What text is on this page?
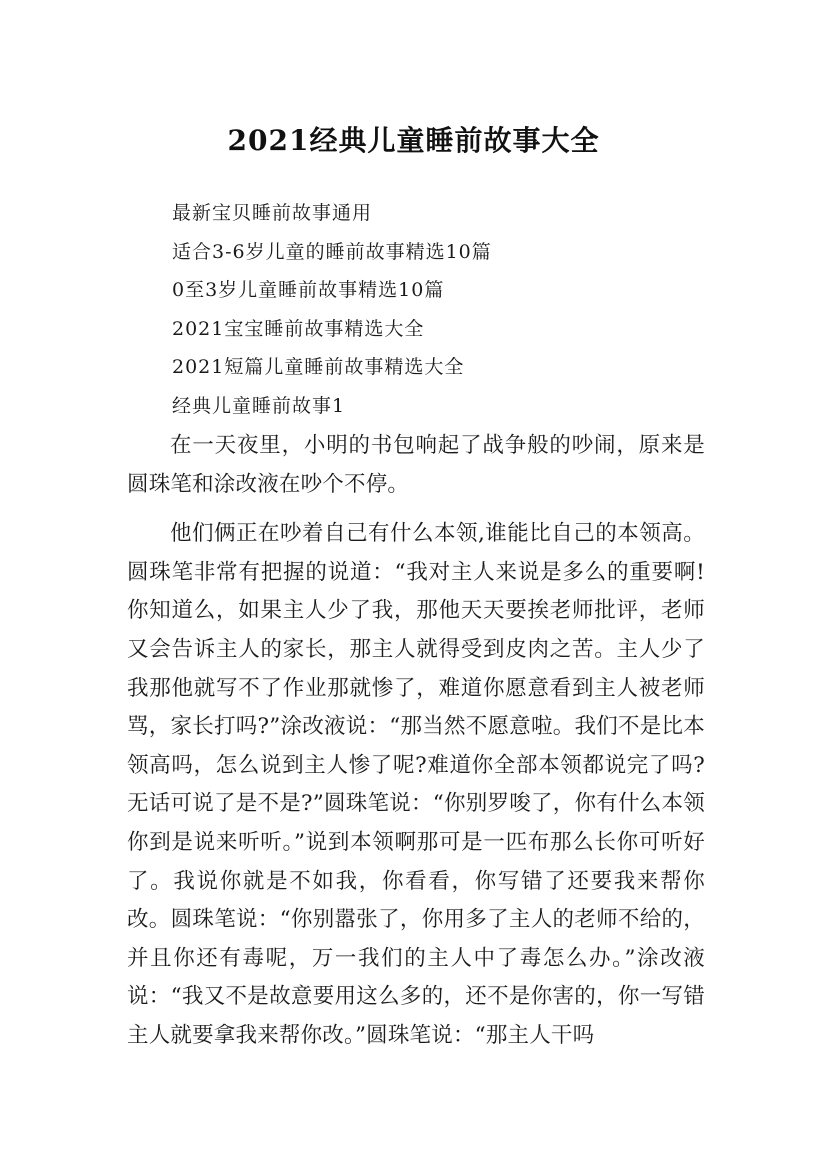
2021经典儿童睡前故事大全
最新宝贝睡前故事通用
适合3-6岁儿童的睡前故事精选10篇
0至3岁儿童睡前故事精选10篇
2021宝宝睡前故事精选大全
2021短篇儿童睡前故事精选大全
经典儿童睡前故事1

在一天夜里，小明的书包响起了战争般的吵闹，原来是圆珠笔和涂改液在吵个不停。

他们俩正在吵着自己有什么本领,谁能比自己的本领高。圆珠笔非常有把握的说道：“我对主人来说是多么的重要啊!你知道么，如果主人少了我，那他天天要挨老师批评，老师又会告诉主人的家长，那主人就得受到皮肉之苦。主人少了我那他就写不了作业那就惨了，难道你愿意看到主人被老师骂，家长打吗?”涂改液说：“那当然不愿意啦。我们不是比本领高吗，怎么说到主人惨了呢?难道你全部本领都说完了吗?无话可说了是不是?”圆珠笔说：“你别罗唆了，你有什么本领你到是说来听听。”说到本领啊那可是一匹布那么长你可听好了。我说你就是不如我，你看看，你写错了还要我来帮你改。圆珠笔说：“你别嚣张了，你用多了主人的老师不给的，并且你还有毒呢，万一我们的主人中了毒怎么办。”涂改液说：“我又不是故意要用这么多的，还不是你害的，你一写错主人就要拿我来帮你改。”圆珠笔说：“那主人干吗
